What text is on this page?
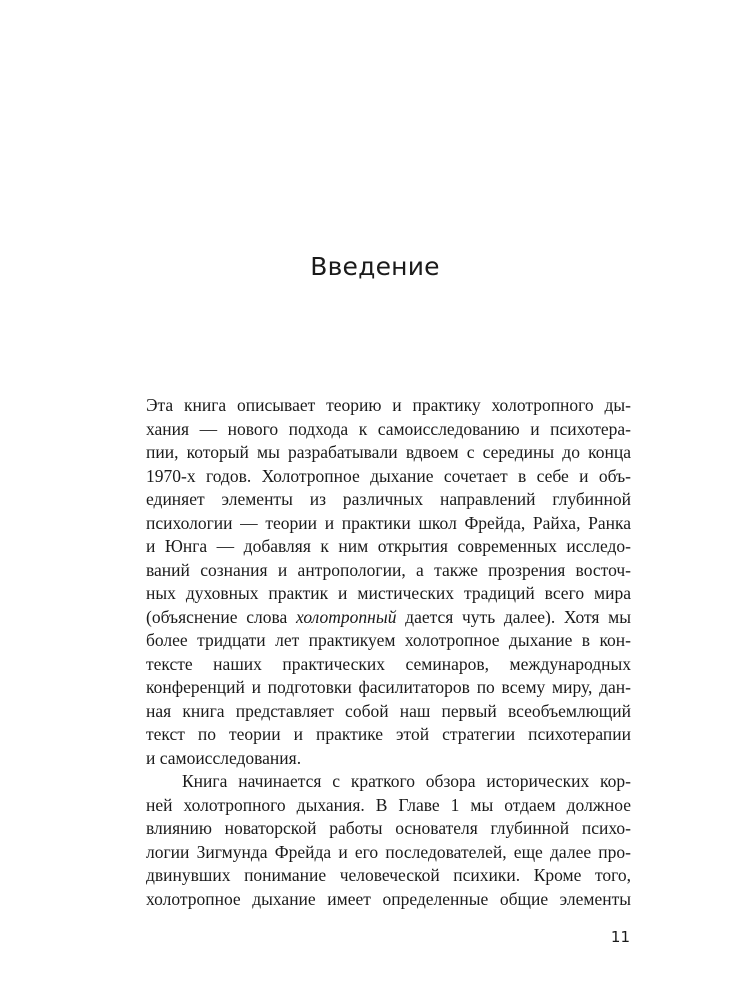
Введение
Эта книга описывает теорию и практику холотропного ды-
хания — нового подхода к самоисследованию и психотера-
пии, который мы разрабатывали вдвоем с середины до конца
1970-х годов. Холотропное дыхание сочетает в себе и объ-
единяет элементы из различных направлений глубинной
психологии — теории и практики школ Фрейда, Райха, Ранка
и Юнга — добавляя к ним открытия современных исследо-
ваний сознания и антропологии, а также прозрения восточ-
ных духовных практик и мистических традиций всего мира
(объяснение слова холотропный дается чуть далее). Хотя мы
более тридцати лет практикуем холотропное дыхание в кон-
тексте наших практических семинаров, международных
конференций и подготовки фасилитаторов по всему миру, дан-
ная книга представляет собой наш первый всеобъемлющий
текст по теории и практике этой стратегии психотерапии
и самоисследования.
Книга начинается с краткого обзора исторических кор-
ней холотропного дыхания. В Главе 1 мы отдаем должное
влиянию новаторской работы основателя глубинной психо-
логии Зигмунда Фрейда и его последователей, еще далее про-
двинувших понимание человеческой психики. Кроме того,
холотропное дыхание имеет определенные общие элементы
11
